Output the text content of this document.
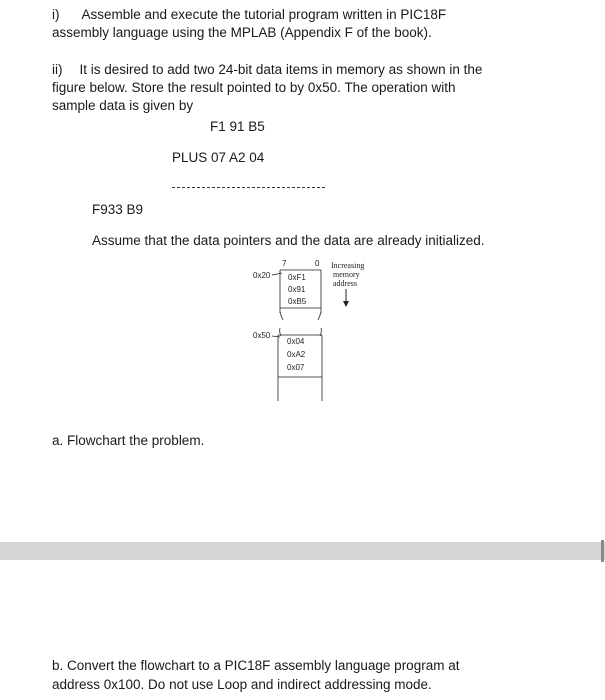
i) Assemble and execute the tutorial program written in PIC18F
assembly language using the MPLAB (Appendix F of the book).
ii) It is desired to add two 24-bit data items in memory as shown in the
figure below. Store the result pointed to by 0x50. The operation with
sample data is given by
F1 91 B5
PLUS 07 A2 04
F933 B9
Assume that the data pointers and the data are already initialized.
7	0 Increasing
memory
address
0x20 0xF1
0x91
0xB5
0x50
0x04
0xA2
0x07
a. Flowchart the problem.
b. Convert the flowchart to a PIC18F assembly language program at
address 0x100. Do not use Loop and indirect addressing mode.
